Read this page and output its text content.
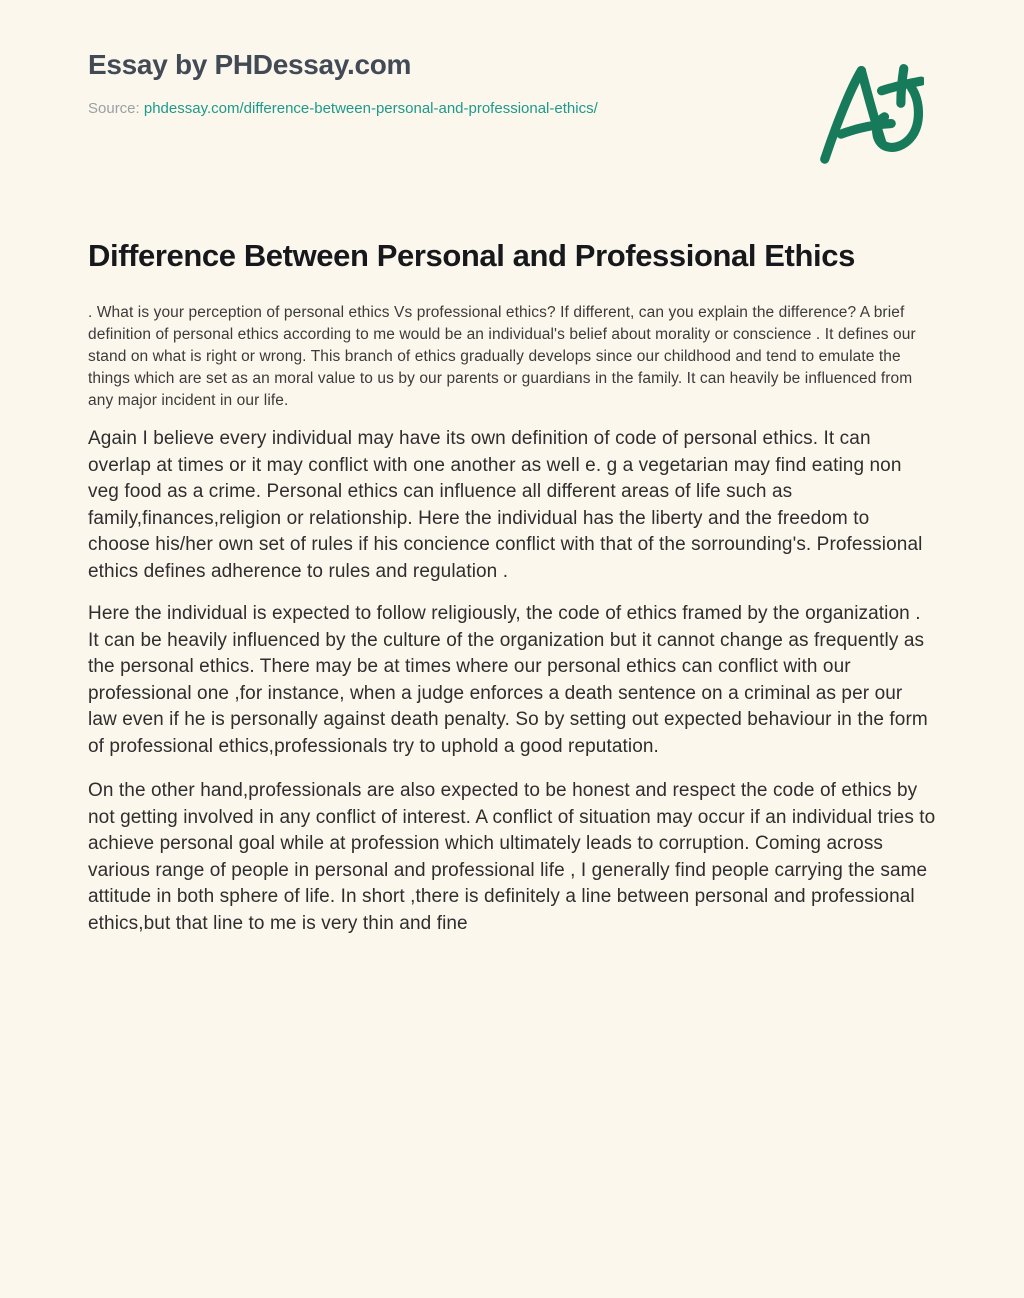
Essay by PHDessay.com
Source: phdessay.com/difference-between-personal-and-professional-ethics/
Difference Between Personal and Professional Ethics

. What is your perception of personal ethics Vs professional ethics? If different, can you explain the difference? A brief definition of personal ethics according to me would be an individual's belief about morality or conscience . It defines our stand on what is right or wrong. This branch of ethics gradually develops since our childhood and tend to emulate the things which are set as an moral value to us by our parents or guardians in the family. It can heavily be influenced from any major incident in our life.

Again I believe every individual may have its own definition of code of personal ethics. It can overlap at times or it may conflict with one another as well e. g a vegetarian may find eating non veg food as a crime. Personal ethics can influence all different areas of life such as family,finances,religion or relationship. Here the individual has the liberty and the freedom to choose his/her own set of rules if his concience conflict with that of the sorrounding's. Professional ethics defines adherence to rules and regulation .

Here the individual is expected to follow religiously, the code of ethics framed by the organization . It can be heavily influenced by the culture of the organization but it cannot change as frequently as the personal ethics. There may be at times where our personal ethics can conflict with our professional one ,for instance, when a judge enforces a death sentence on a criminal as per our law even if he is personally against death penalty. So by setting out expected behaviour in the form of professional ethics,professionals try to uphold a good reputation.

On the other hand,professionals are also expected to be honest and respect the code of ethics by not getting involved in any conflict of interest. A conflict of situation may occur if an individual tries to achieve personal goal while at profession which ultimately leads to corruption. Coming across various range of people in personal and professional life , I generally find people carrying the same attitude in both sphere of life. In short ,there is definitely a line between personal and professional ethics,but that line to me is very thin and fine
